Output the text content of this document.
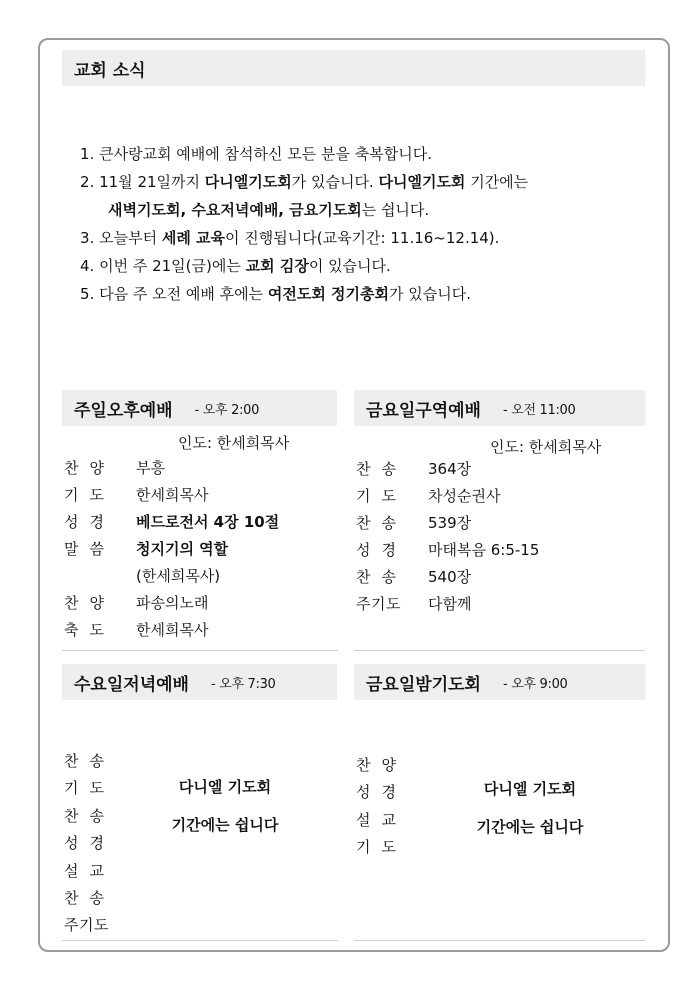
교회 소식
1. 큰사랑교회 예배에 참석하신 모든 분을 축복합니다.
2. 11월 21일까지 다니엘기도회가 있습니다. 다니엘기도회 기간에는
새벽기도회, 수요저녁예배, 금요기도회는 쉽니다.
3. 오늘부터 세례 교육이 진행됩니다(교육기간: 11.16~12.14).
4. 이번 주 21일(금)에는 교회 김장이 있습니다.
5. 다음 주 오전 예배 후에는 여전도회 정기총회가 있습니다.
주일오후예배 - 오후 2:00
인도: 한세희목사
찬양	부흥
기도	한세희목사
성경	베드로전서 4장 10절
말씀	청지기의 역할
(한세희목사)
찬양	파송의노래
축도	한세희목사
금요일구역예배 - 오전 11:00
인도: 한세희목사
찬송	364장
기도	차성순권사
찬송	539장
성경	마태복음 6:5-15
찬송	540장
주기도	다함께
수요일저녁예배 - 오후 7:30
찬송
기도
찬송
성경
설교
찬송
주기도
다니엘 기도회
기간에는 쉽니다
금요일밤기도회 - 오후 9:00
찬양
성경
설교
기도
다니엘 기도회
기간에는 쉽니다
